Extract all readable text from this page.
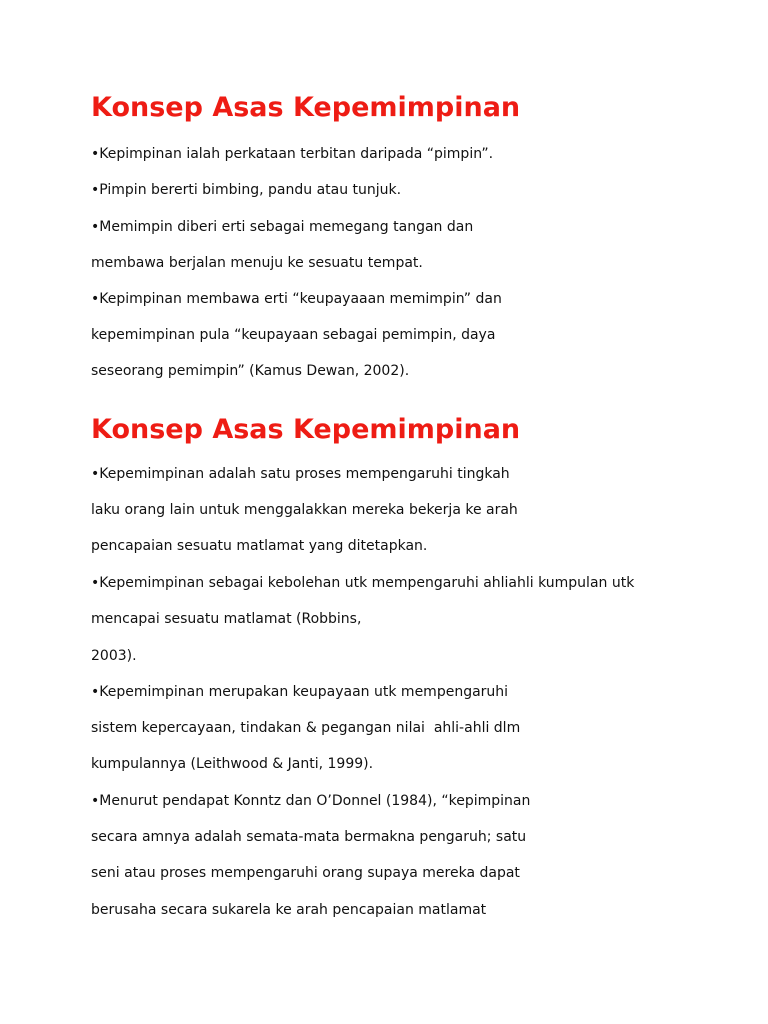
Konsep Asas Kepemimpinan

•Kepimpinan ialah perkataan terbitan daripada “pimpin”.

•Pimpin bererti bimbing, pandu atau tunjuk.

•Memimpin diberi erti sebagai memegang tangan dan

membawa berjalan menuju ke sesuatu tempat.

•Kepimpinan membawa erti “keupayaaan memimpin” dan

kepemimpinan pula “keupayaan sebagai pemimpin, daya

seseorang pemimpin” (Kamus Dewan, 2002).

Konsep Asas Kepemimpinan

•Kepemimpinan adalah satu proses mempengaruhi tingkah

laku orang lain untuk menggalakkan mereka bekerja ke arah

pencapaian sesuatu matlamat yang ditetapkan.

•Kepemimpinan sebagai kebolehan utk mempengaruhi ahliahli kumpulan utk

mencapai sesuatu matlamat (Robbins,

2003).

•Kepemimpinan merupakan keupayaan utk mempengaruhi

sistem kepercayaan, tindakan & pegangan nilai  ahli-ahli dlm

kumpulannya (Leithwood & Janti, 1999).

•Menurut pendapat Konntz dan O’Donnel (1984), “kepimpinan

secara amnya adalah semata-mata bermakna pengaruh; satu

seni atau proses mempengaruhi orang supaya mereka dapat

berusaha secara sukarela ke arah pencapaian matlamat
